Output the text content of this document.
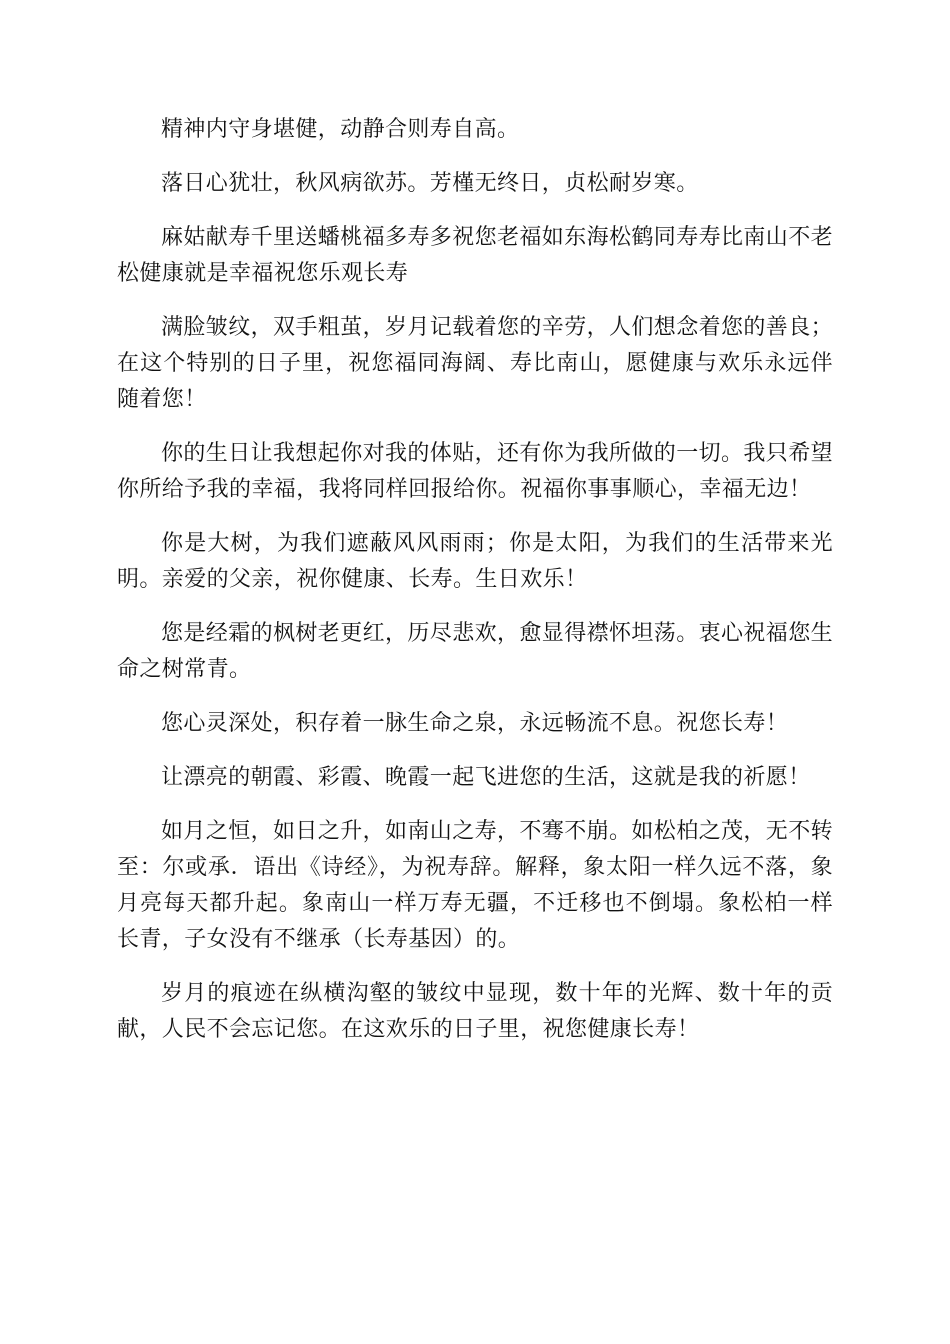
精神内守身堪健，动静合则寿自高。

落日心犹壮，秋风病欲苏。芳槿无终日，贞松耐岁寒。

麻姑献寿千里送蟠桃福多寿多祝您老福如东海松鹤同寿寿比南山不老松健康就是幸福祝您乐观长寿

满脸皱纹，双手粗茧，岁月记载着您的辛劳，人们想念着您的善良；在这个特别的日子里，祝您福同海阔、寿比南山，愿健康与欢乐永远伴随着您！

你的生日让我想起你对我的体贴，还有你为我所做的一切。我只希望你所给予我的幸福，我将同样回报给你。祝福你事事顺心，幸福无边！

你是大树，为我们遮蔽风风雨雨；你是太阳，为我们的生活带来光明。亲爱的父亲，祝你健康、长寿。生日欢乐！

您是经霜的枫树老更红，历尽悲欢，愈显得襟怀坦荡。衷心祝福您生命之树常青。

您心灵深处，积存着一脉生命之泉，永远畅流不息。祝您长寿！

让漂亮的朝霞、彩霞、晚霞一起飞进您的生活，这就是我的祈愿！

如月之恒，如日之升，如南山之寿，不骞不崩。如松柏之茂，无不转至：尔或承．语出《诗经》，为祝寿辞。解释，象太阳一样久远不落，象月亮每天都升起。象南山一样万寿无疆，不迁移也不倒塌。象松柏一样长青，子女没有不继承（长寿基因）的。

岁月的痕迹在纵横沟壑的皱纹中显现，数十年的光辉、数十年的贡献，人民不会忘记您。在这欢乐的日子里，祝您健康长寿！
